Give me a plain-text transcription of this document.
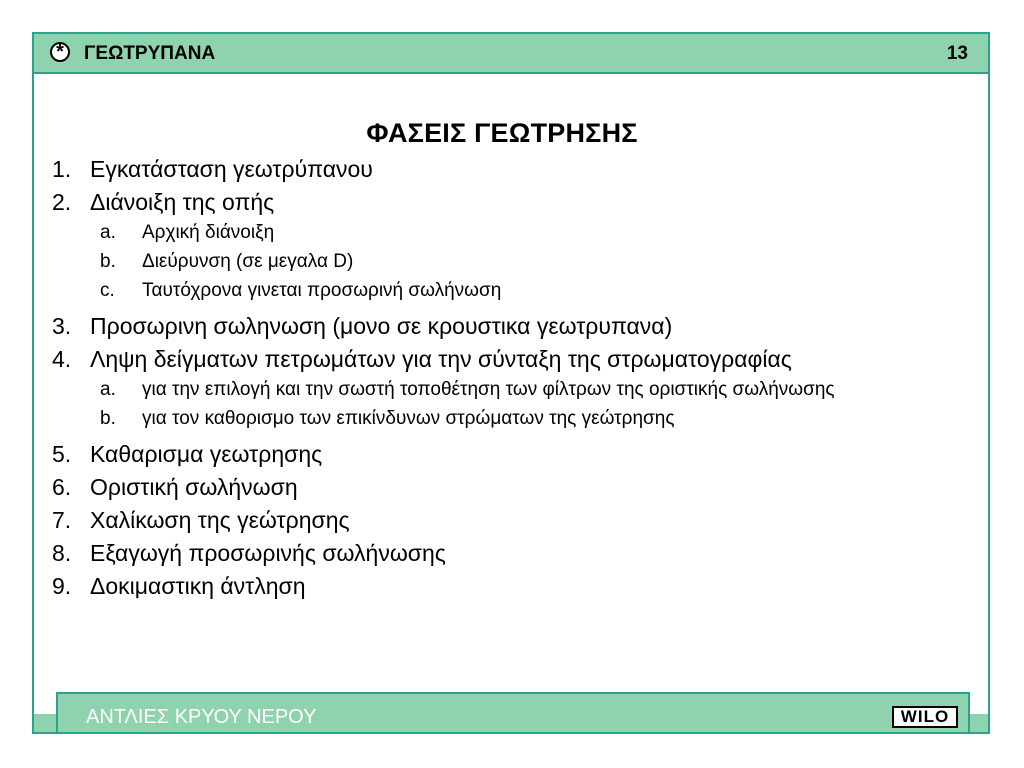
*	ΓΕΩΤΡΥΠΑΝΑ	13
ΦΑΣΕΙΣ ΓΕΩΤΡΗΣΗΣ
1. Εγκατάσταση γεωτρύπανου
2. Διάνοιξη της οπής
a. Αρχική διάνοιξη
b. Διεύρυνση (σε μεγαλα D)
c. Ταυτόχρονα γινεται προσωρινή σωλήνωση
3. Προσωρινη σωληνωση (μονο σε κρουστικα γεωτρυπανα)
4. Ληψη δείγματων πετρωμάτων για την σύνταξη της στρωματογραφίας
a. για την επιλογή και την σωστή τοποθέτηση των φίλτρων της οριστικής σωλήνωσης
b. για τον καθορισμο των επικίνδυνων στρώματων της γεώτρησης
5. Καθαρισμα γεωτρησης
6. Οριστική σωλήνωση
7. Χαλίκωση της γεώτρησης
8. Εξαγωγή προσωρινής σωλήνωσης
9. Δοκιμαστικη άντληση
ΑΝΤΛΙΕΣ ΚΡΥΟΥ ΝΕΡΟΥ	WILO
